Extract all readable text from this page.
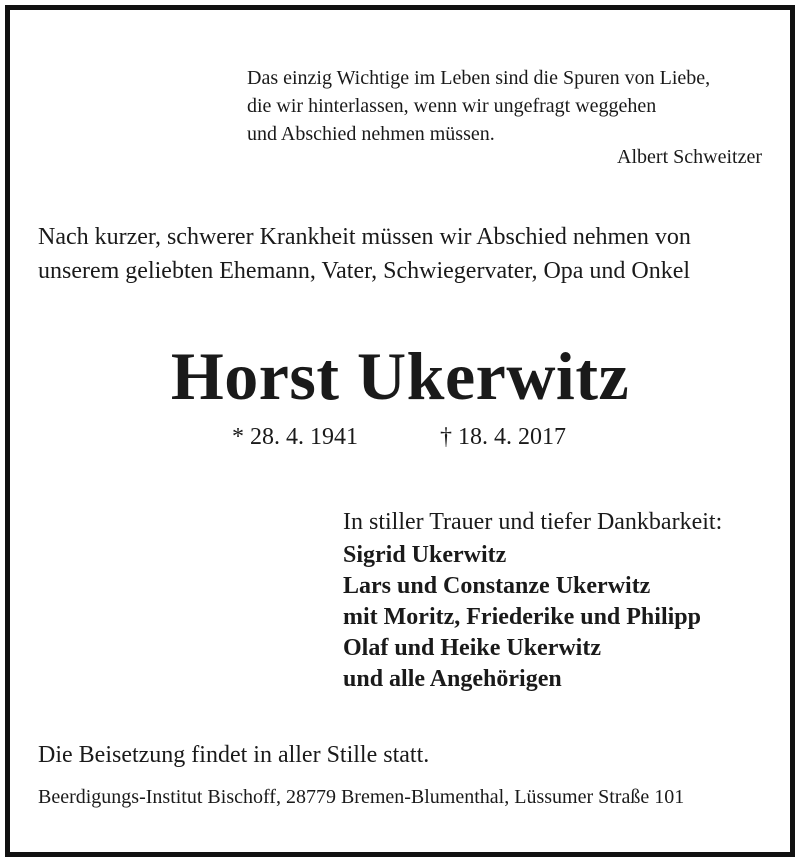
Das einzig Wichtige im Leben sind die Spuren von Liebe,
die wir hinterlassen, wenn wir ungefragt weggehen
und Abschied nehmen müssen.
Albert Schweitzer
Nach kurzer, schwerer Krankheit müssen wir Abschied nehmen von
unserem geliebten Ehemann, Vater, Schwiegervater, Opa und Onkel
Horst Ukerwitz
* 28. 4. 1941	† 18. 4. 2017
In stiller Trauer und tiefer Dankbarkeit:
Sigrid Ukerwitz
Lars und Constanze Ukerwitz
mit Moritz, Friederike und Philipp
Olaf und Heike Ukerwitz
und alle Angehörigen
Die Beisetzung findet in aller Stille statt.
Beerdigungs-Institut Bischoff, 28779 Bremen-Blumenthal, Lüssumer Straße 101
